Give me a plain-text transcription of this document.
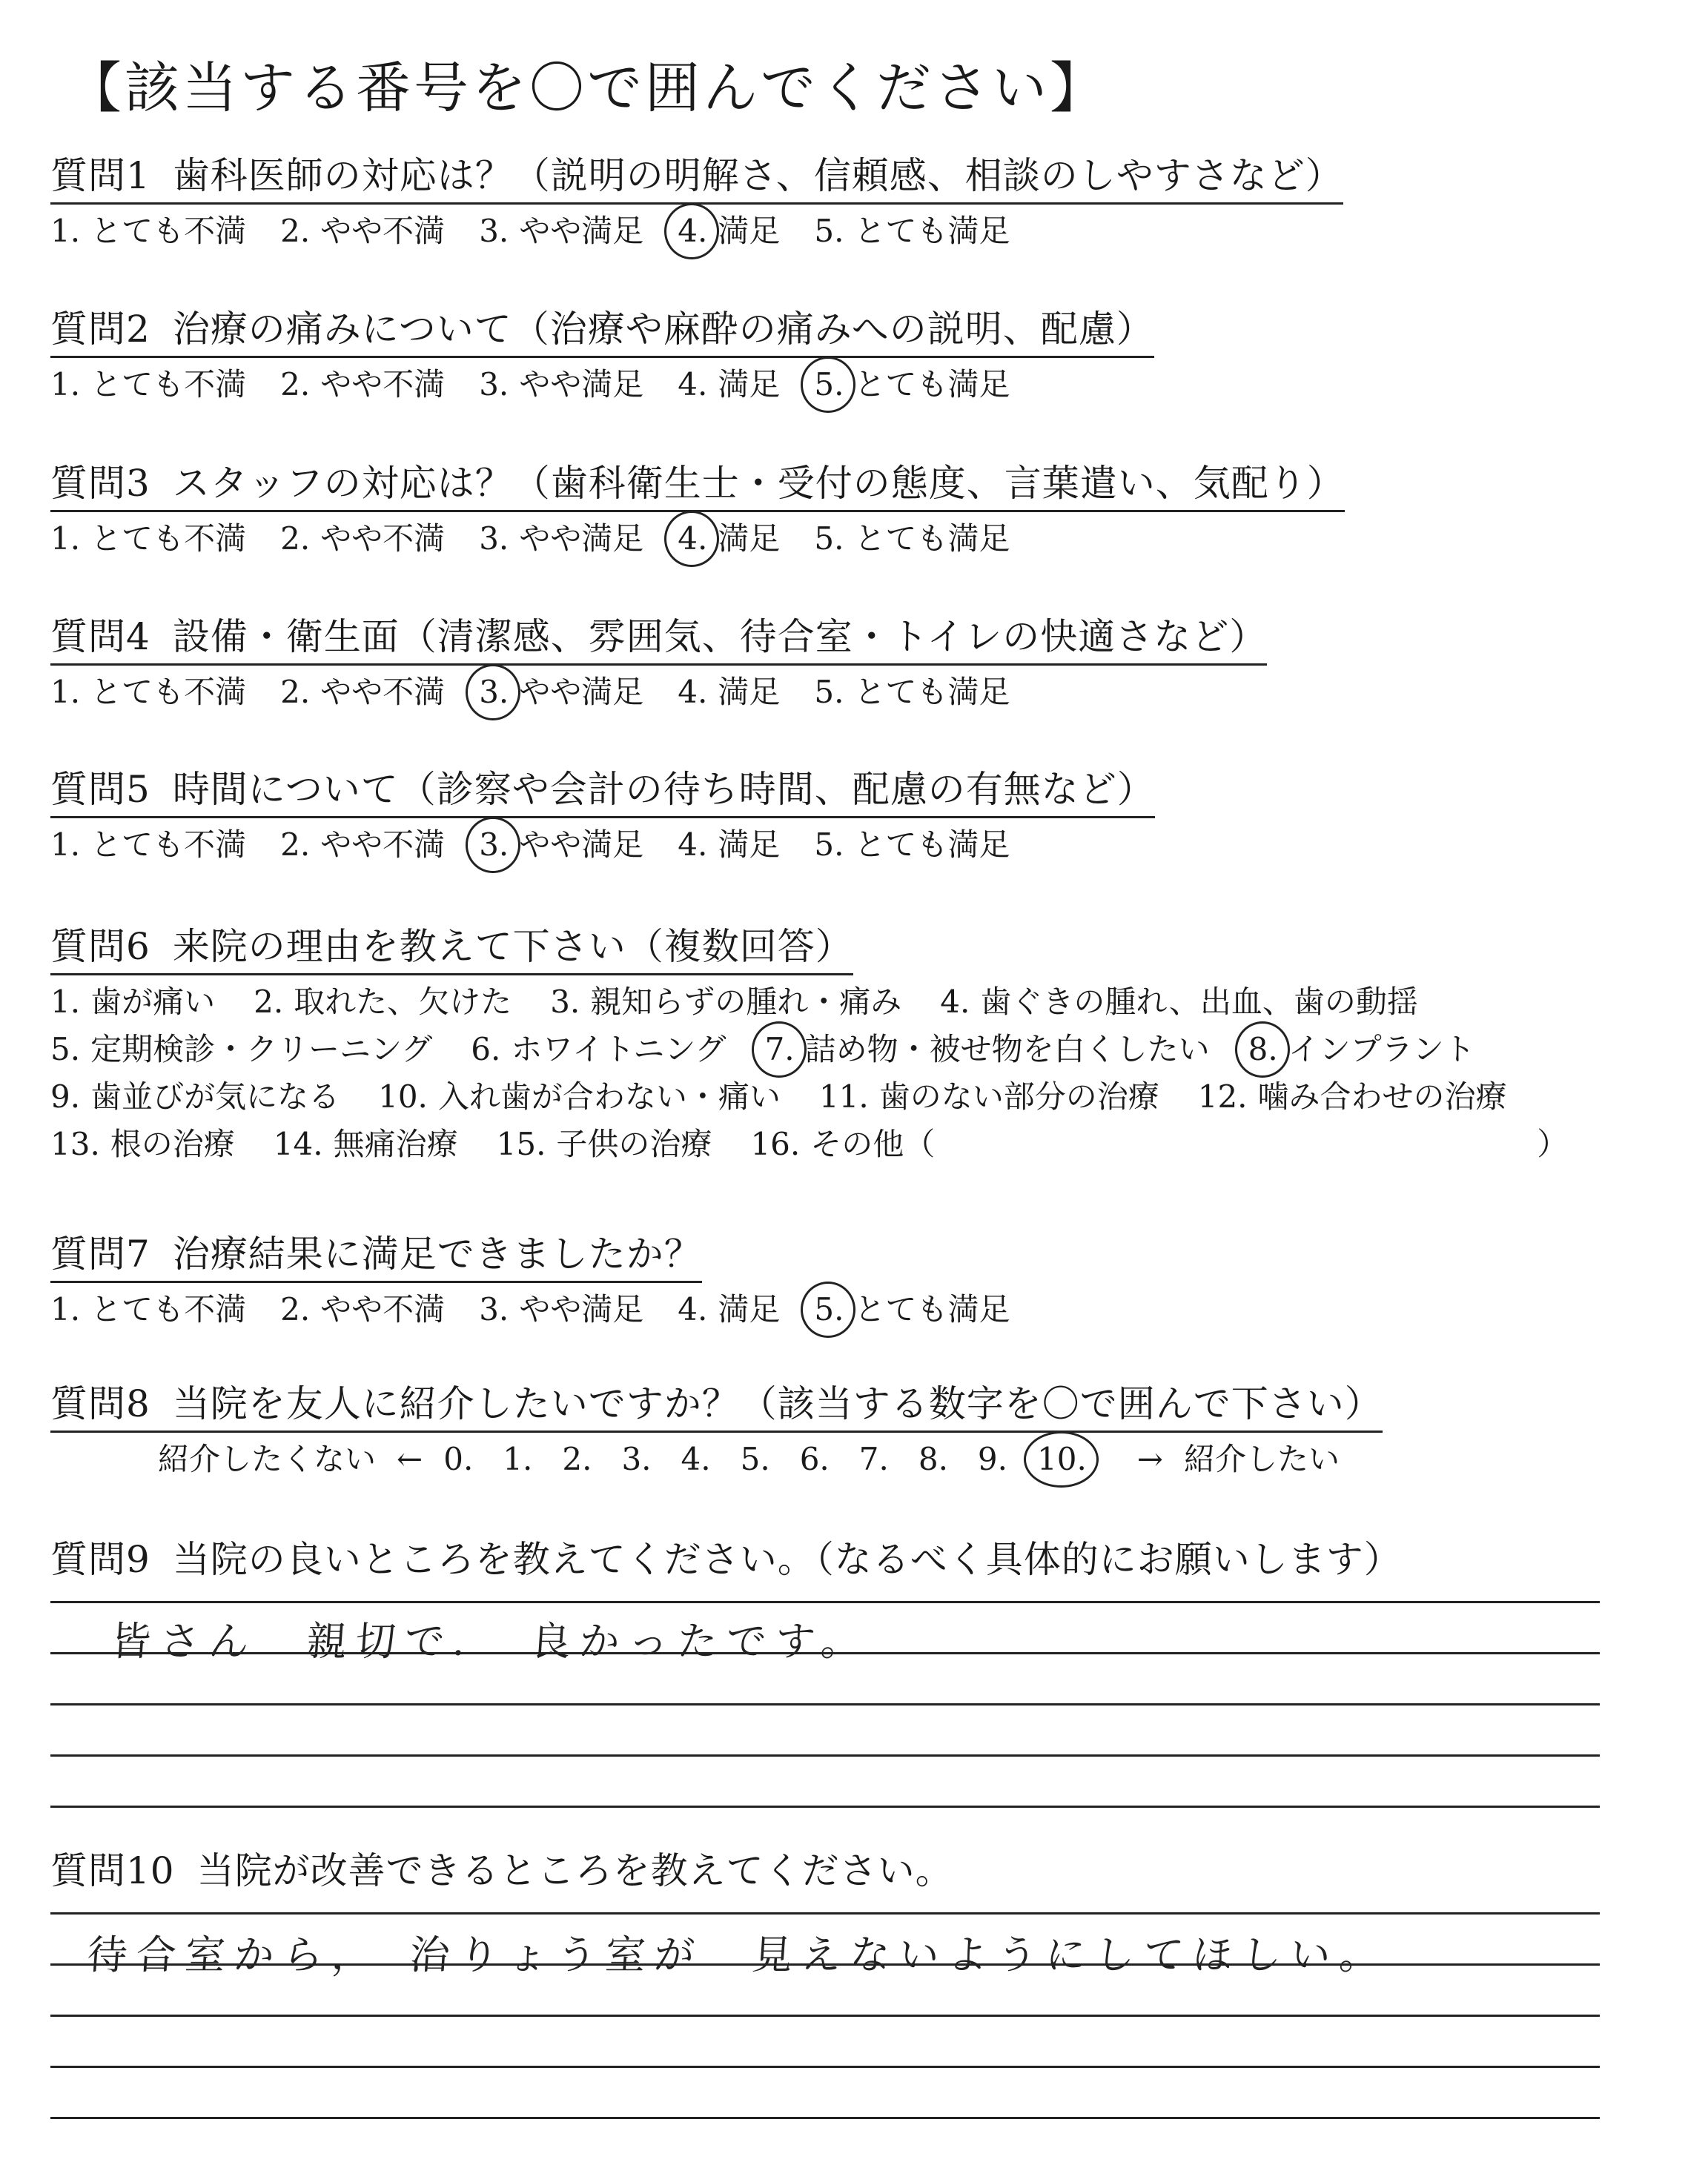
【該当する番号を〇で囲んでください】
質問1 歯科医師の対応は？（説明の明解さ、信頼感、相談のしやすさなど）
1. とても不満 2. やや不満 3. やや満足 4. 満足 5. とても満足
質問2 治療の痛みについて（治療や麻酔の痛みへの説明、配慮）
1. とても不満 2. やや不満 3. やや満足 4. 満足 5. とても満足
質問3 スタッフの対応は？（歯科衛生士・受付の態度、言葉遣い、気配り）
1. とても不満 2. やや不満 3. やや満足 4. 満足 5. とても満足
質問4 設備・衛生面（清潔感、雰囲気、待合室・トイレの快適さなど）
1. とても不満 2. やや不満 3. やや満足 4. 満足 5. とても満足
質問5 時間について（診察や会計の待ち時間、配慮の有無など）
1. とても不満 2. やや不満 3. やや満足 4. 満足 5. とても満足
質問6 来院の理由を教えて下さい（複数回答）
1. 歯が痛い 2. 取れた、欠けた 3. 親知らずの腫れ・痛み 4. 歯ぐきの腫れ、出血、歯の動揺
5. 定期検診・クリーニング 6. ホワイトニング 7. 詰め物・被せ物を白くしたい 8. インプラント
9. 歯並びが気になる 10. 入れ歯が合わない・痛い 11. 歯のない部分の治療 12. 噛み合わせの治療
13. 根の治療 14. 無痛治療 15. 子供の治療 16. その他（	）
質問7 治療結果に満足できましたか？
1. とても不満 2. やや不満 3. やや満足 4. 満足 5. とても満足
質問8 当院を友人に紹介したいですか？（該当する数字を〇で囲んで下さい）
紹介したくない ← 0. 1. 2. 3. 4. 5. 6. 7. 8. 9. 10. → 紹介したい
質問9 当院の良いところを教えてください。（なるべく具体的にお願いします）
皆さん　親切で．　良かったです。
質問10 当院が改善できるところを教えてください。
待合室から，　治りょう室が　見えないようにしてほしい。
